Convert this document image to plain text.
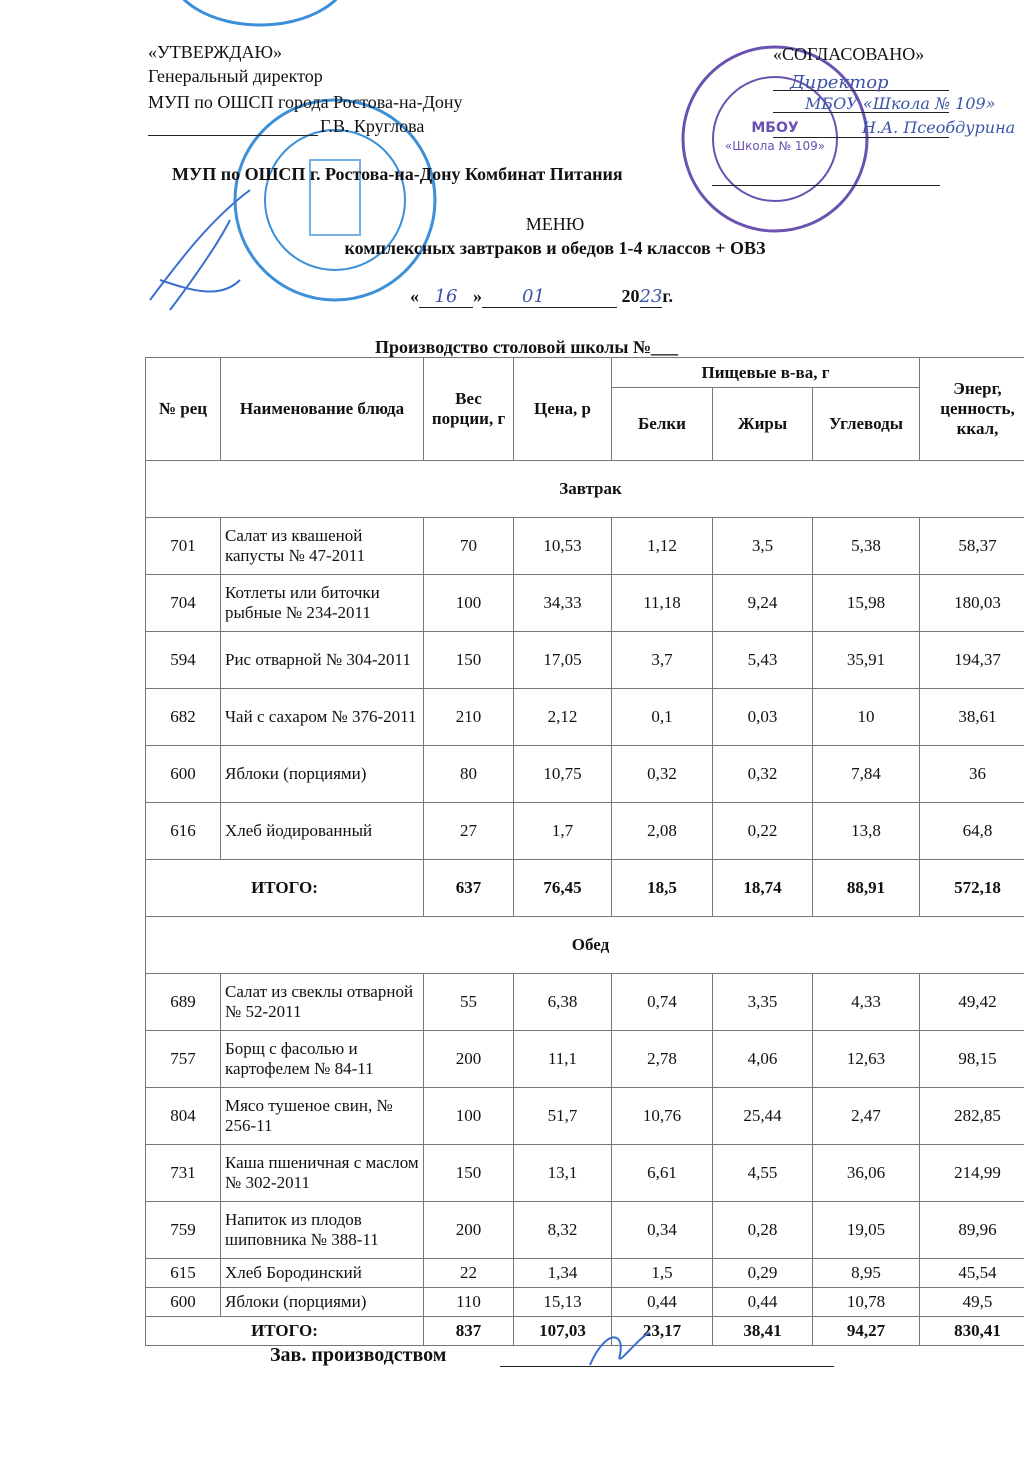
МБОУ
«Школа № 109»
«УТВЕРЖДАЮ»
Генеральный директор
МУП по ОШСП города Ростова-на-Дону
Г.В. Круглова
«СОГЛАСОВАНО»
Директор
МБОУ «Школа № 109»
Н.А. Псеобдурина
МУП по ОШСП г. Ростова-на-Дону Комбинат Питания
МЕНЮ
комплексных завтраков и обедов 1-4 классов + ОВЗ
« 16 » 01	2023г.
Производство столовой школы №___
№ рец	Наименование блюда	Вес порции, г	Цена, р	Пищевые в-ва, г			Энерг, ценность, ккал,
				Белки	Жиры	Углеводы	
Завтрак							
701	Салат из квашеной капусты № 47-2011	70	10,53	1,12	3,5	5,38	58,37
704	Котлеты или биточки рыбные № 234-2011	100	34,33	11,18	9,24	15,98	180,03
594	Рис отварной № 304-2011	150	17,05	3,7	5,43	35,91	194,37
682	Чай с сахаром № 376-2011	210	2,12	0,1	0,03	10	38,61
600	Яблоки (порциями)	80	10,75	0,32	0,32	7,84	36
616	Хлеб йодированный	27	1,7	2,08	0,22	13,8	64,8
ИТОГО:		637	76,45	18,5	18,74	88,91	572,18
Обед							
689	Салат из свеклы отварной № 52-2011	55	6,38	0,74	3,35	4,33	49,42
757	Борщ с фасолью и картофелем № 84-11	200	11,1	2,78	4,06	12,63	98,15
804	Мясо тушеное свин, № 256-11	100	51,7	10,76	25,44	2,47	282,85
731	Каша пшеничная с маслом № 302-2011	150	13,1	6,61	4,55	36,06	214,99
759	Напиток из плодов шиповника № 388-11	200	8,32	0,34	0,28	19,05	89,96
615	Хлеб Бородинский	22	1,34	1,5	0,29	8,95	45,54
600	Яблоки (порциями)	110	15,13	0,44	0,44	10,78	49,5
ИТОГО:		837	107,03	23,17	38,41	94,27	830,41
Зав. производством
